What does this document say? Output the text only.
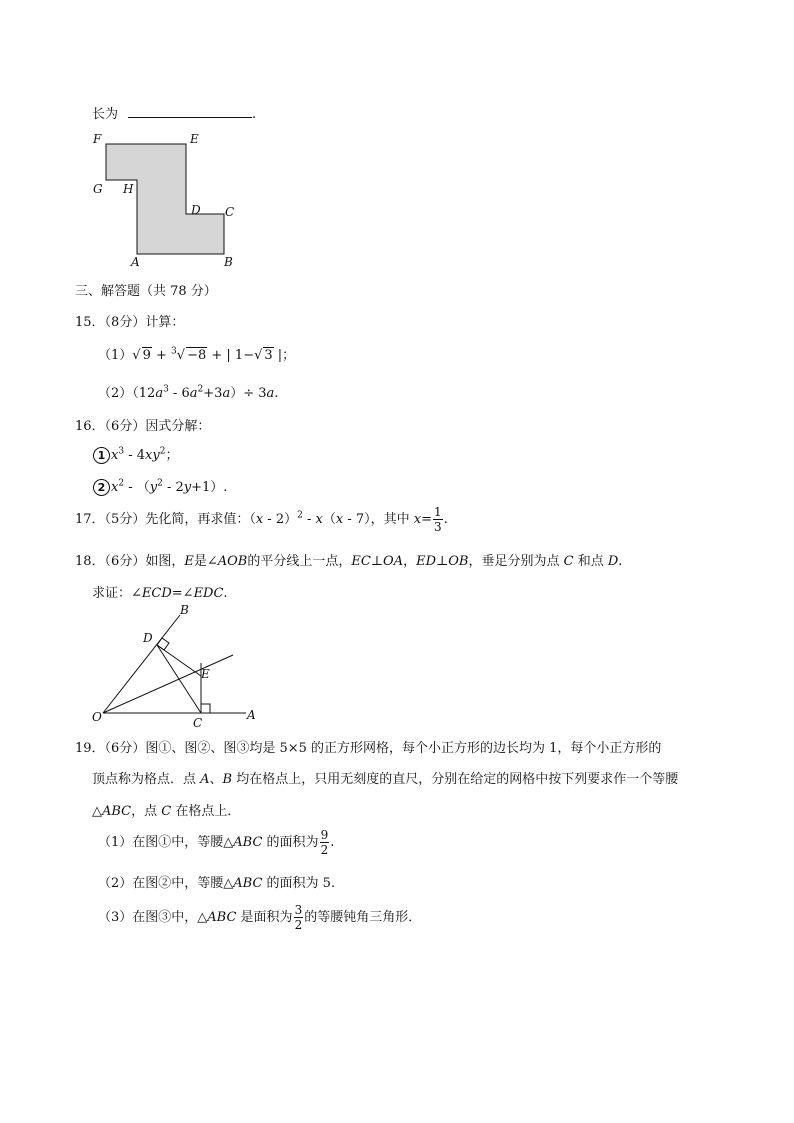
长为	.
F	E
G H
D C
A	B
三、解答题（共 78 分）
15．（8分）计算：
（1）√ 9 + $^3$√ −8 + | 1−√ 3 |；
$(2)(12a^3 - 6a^2+3a)\div 3a$.
16．（6分）因式分解：
1 $x^3 - 4xy^2$；
2 $x^2 - (y^2 - 2y+1)$.
17．（5分）先化简，再求值：（x - 2）$^2$ - x（x - 7），其中 $x= \frac{1}{3}$ .
18．（6分）如图，E是∠AOB的平分线上一点，EC⊥OA，ED⊥OB，垂足分别为点 C 和点 D.
求证：∠ECD=∠EDC.
B
D
E
O	C
A
19．（6分）图①、图②、图③均是 5×5 的正方形网格，每个小正方形的边长均为 1，每个小正方形的
顶点称为格点．点 A、B 均在格点上，只用无刻度的直尺，分别在给定的网格中按下列要求作一个等腰
△ABC，点 C 在格点上．
（1）在图①中，等腰△ABC 的面积为 $\frac{9}{2}$ .
（2）在图②中，等腰△ABC 的面积为 5.
（3）在图③中，△ABC 是面积为 $\frac{3}{2}$ 的等腰钝角三角形．
